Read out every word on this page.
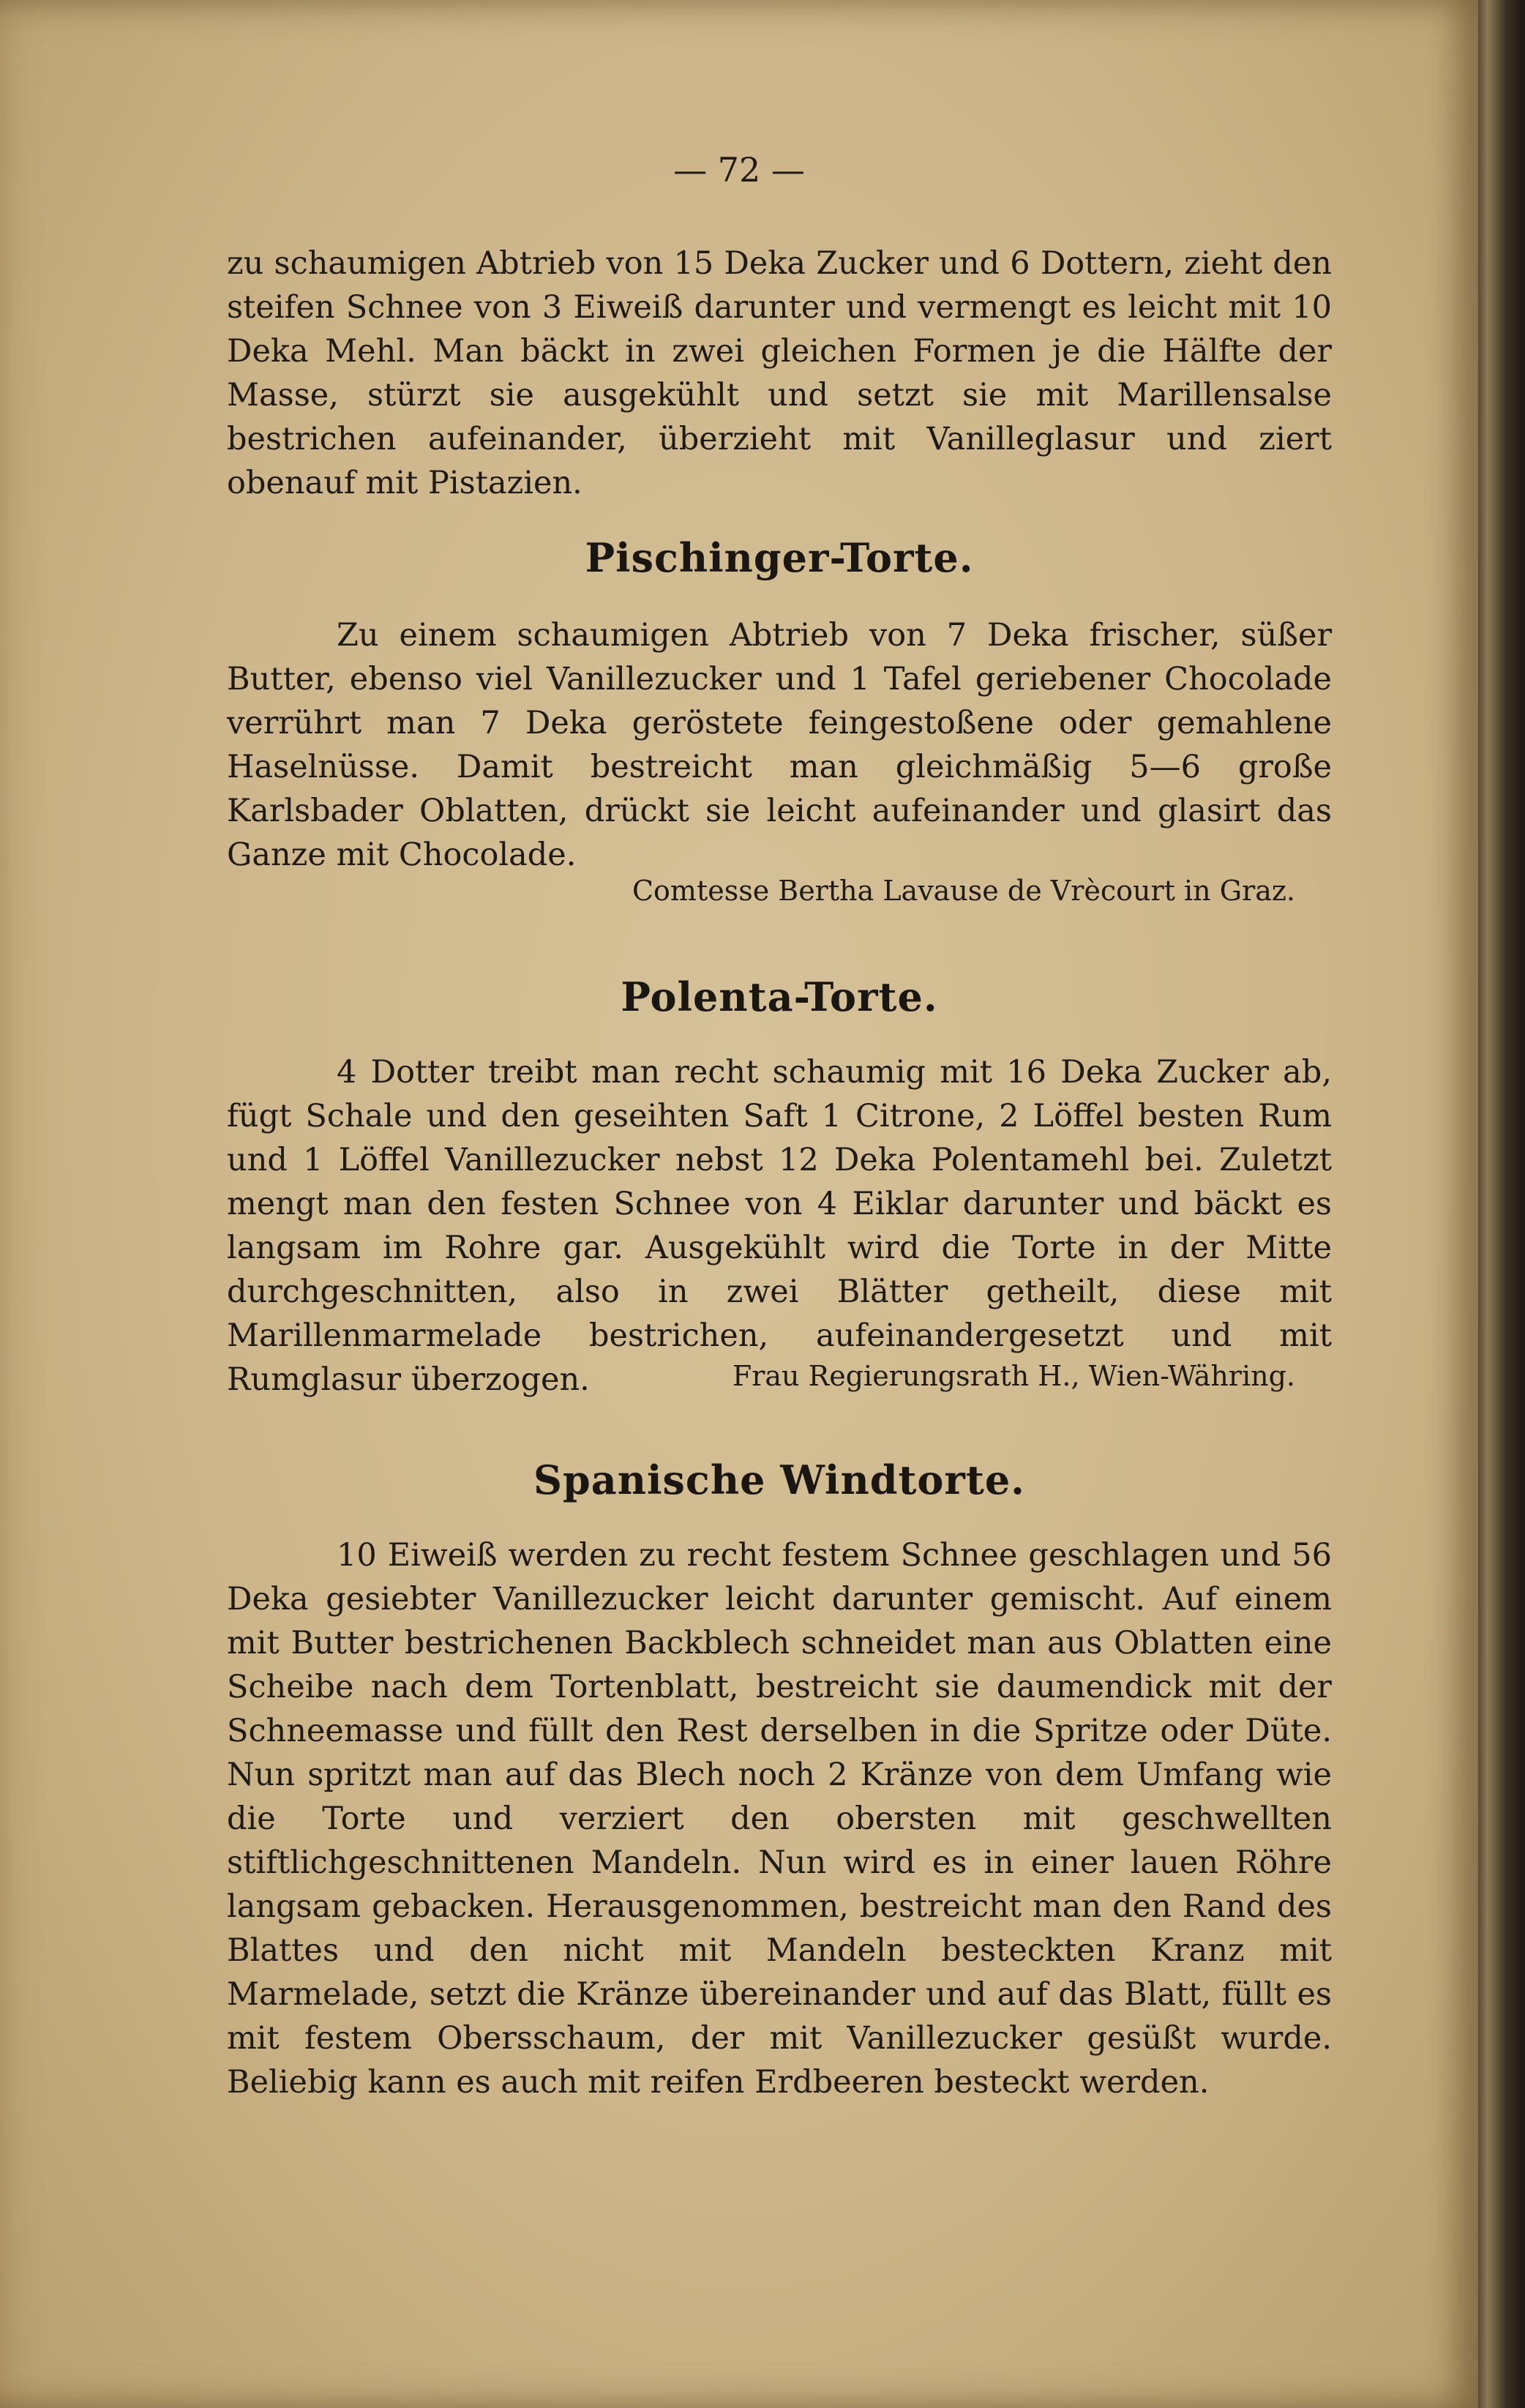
— 72 —

zu schaumigen Abtrieb von 15 Deka Zucker und 6 Dottern, zieht den steifen Schnee von 3 Eiweiß darunter und vermengt es leicht mit 10 Deka Mehl. Man bäckt in zwei gleichen Formen je die Hälfte der Masse, stürzt sie ausgekühlt und setzt sie mit Marillensalse bestrichen aufeinander, überzieht mit Vanilleglasur und ziert obenauf mit Pistazien.

Pischinger-Torte.

Zu einem schaumigen Abtrieb von 7 Deka frischer, süßer Butter, ebenso viel Vanillezucker und 1 Tafel geriebener Chocolade verrührt man 7 Deka geröstete feingestoßene oder gemahlene Haselnüsse. Damit bestreicht man gleichmäßig 5—6 große Karlsbader Oblatten, drückt sie leicht aufeinander und glasirt das Ganze mit Chocolade.

Comtesse Bertha Lavause de Vrècourt in Graz.

Polenta-Torte.

4 Dotter treibt man recht schaumig mit 16 Deka Zucker ab, fügt Schale und den geseihten Saft 1 Citrone, 2 Löffel besten Rum und 1 Löffel Vanillezucker nebst 12 Deka Polentamehl bei. Zuletzt mengt man den festen Schnee von 4 Eiklar darunter und bäckt es langsam im Rohre gar. Ausgekühlt wird die Torte in der Mitte durchgeschnitten, also in zwei Blätter getheilt, diese mit Marillenmarmelade bestrichen, aufeinandergesetzt und mit Rumglasur überzogen.	Frau Regierungsrath H., Wien-Währing.

Spanische Windtorte.

10 Eiweiß werden zu recht festem Schnee geschlagen und 56 Deka gesiebter Vanillezucker leicht darunter gemischt. Auf einem mit Butter bestrichenen Backblech schneidet man aus Oblatten eine Scheibe nach dem Tortenblatt, bestreicht sie daumendick mit der Schneemasse und füllt den Rest derselben in die Spritze oder Düte. Nun spritzt man auf das Blech noch 2 Kränze von dem Umfang wie die Torte und verziert den obersten mit geschwellten stiftlichgeschnittenen Mandeln. Nun wird es in einer lauen Röhre langsam gebacken. Herausgenommen, bestreicht man den Rand des Blattes und den nicht mit Mandeln besteckten Kranz mit Marmelade, setzt die Kränze übereinander und auf das Blatt, füllt es mit festem Obersschaum, der mit Vanillezucker gesüßt wurde. Beliebig kann es auch mit reifen Erdbeeren besteckt werden.
